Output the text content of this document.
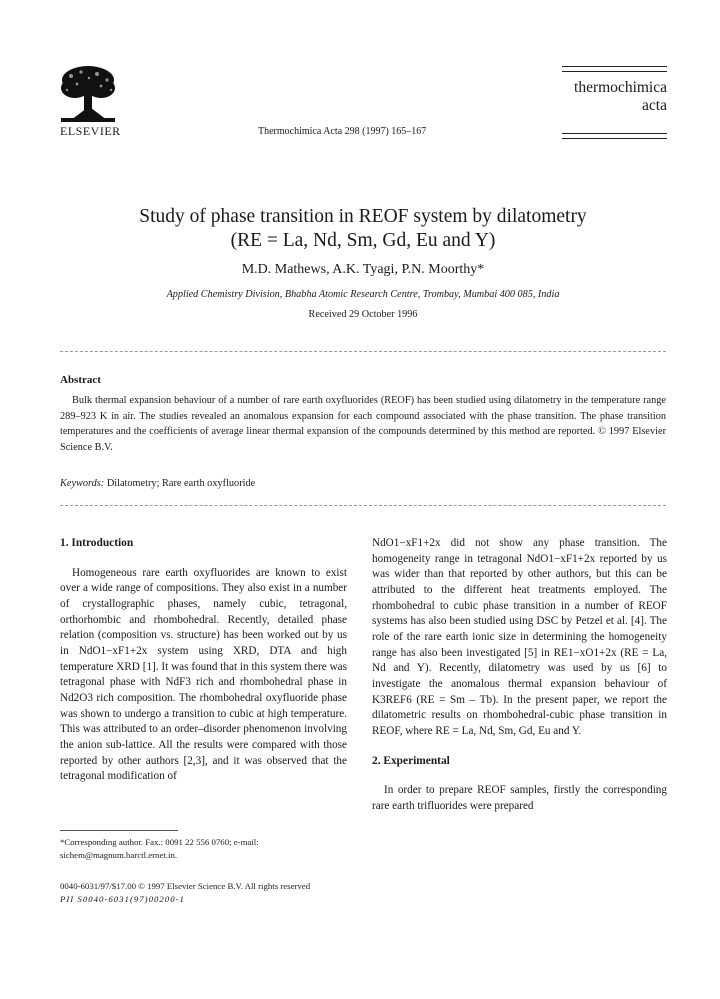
ELSEVIER	Thermochimica Acta 298 (1997) 165–167
thermochimica
acta
Study of phase transition in REOF system by dilatometry
(RE = La, Nd, Sm, Gd, Eu and Y)
M.D. Mathews, A.K. Tyagi, P.N. Moorthy*
Applied Chemistry Division, Bhabha Atomic Research Centre, Trombay, Mumbai 400 085, India
Received 29 October 1996
Abstract
Bulk thermal expansion behaviour of a number of rare earth oxyfluorides (REOF) has been studied using dilatometry in the temperature range 289–923 K in air. The studies revealed an anomalous expansion for each compound associated with the phase transition. The phase transition temperatures and the coefficients of average linear thermal expansion of the compounds determined by this method are reported. © 1997 Elsevier Science B.V.
Keywords: Dilatometry; Rare earth oxyfluoride

1. Introduction

Homogeneous rare earth oxyfluorides are known to exist over a wide range of compositions. They also exist in a number of crystallographic phases, namely cubic, tetragonal, orthorhombic and rhombohedral. Recently, detailed phase relation (composition vs. structure) has been worked out by us in NdO1−xF1+2x system using XRD, DTA and high temperature XRD [1]. It was found that in this system there was tetragonal phase with NdF3 rich and rhombohedral phase in Nd2O3 rich composition. The rhombohedral oxyfluoride phase was shown to undergo a transition to cubic at high temperature. This was attributed to an order–disorder phenomenon involving the anion sub-lattice. All the results were compared with those reported by other authors [2,3], and it was observed that the tetragonal modification of

*Corresponding author. Fax.: 0091 22 556 0760; e-mail: sichem@magnum.barctl.ernet.in.

NdO1−xF1+2x did not show any phase transition. The homogeneity range in tetragonal NdO1−xF1+2x reported by us was wider than that reported by other authors, but this can be attributed to the different heat treatments employed. The rhombohedral to cubic phase transition in a number of REOF systems has also been studied using DSC by Petzel et al. [4]. The role of the rare earth ionic size in determining the homogeneity range has also been investigated [5] in RE1−xO1+2x (RE = La, Nd and Y). Recently, dilatometry was used by us [6] to investigate the anomalous thermal expansion behaviour of K3REF6 (RE = Sm – Tb). In the present paper, we report the dilatometric results on rhombohedral-cubic phase transition in REOF, where RE = La, Nd, Sm, Gd, Eu and Y.

2. Experimental

In order to prepare REOF samples, firstly the corresponding rare earth trifluorides were prepared

0040-6031/97/$17.00 © 1997 Elsevier Science B.V. All rights reserved
PII S0040-6031(97)00200-1
